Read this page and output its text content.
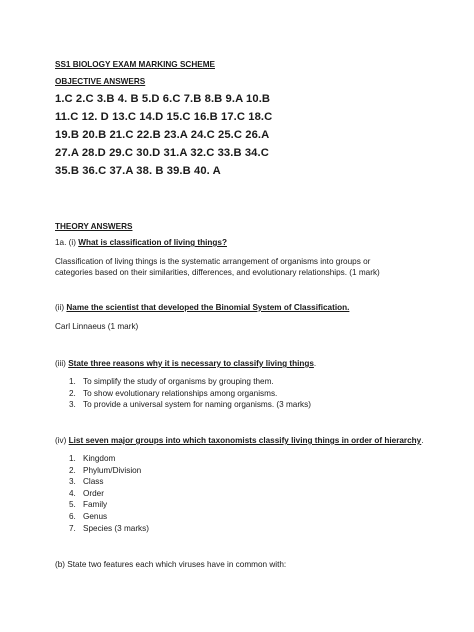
SS1 BIOLOGY EXAM MARKING SCHEME
OBJECTIVE ANSWERS
1.C 2.C 3.B 4. B 5.D 6.C 7.B 8.B 9.A 10.B
11.C 12. D 13.C 14.D 15.C 16.B 17.C 18.C
19.B 20.B 21.C 22.B 23.A 24.C 25.C 26.A
27.A 28.D 29.C 30.D 31.A 32.C 33.B 34.C
35.B 36.C 37.A 38. B 39.B 40. A
THEORY ANSWERS
1a. (i) What is classification of living things?
Classification of living things is the systematic arrangement of organisms into groups or categories based on their similarities, differences, and evolutionary relationships. (1 mark)
(ii) Name the scientist that developed the Binomial System of Classification.
Carl Linnaeus (1 mark)
(iii) State three reasons why it is necessary to classify living things.
1. To simplify the study of organisms by grouping them.
2. To show evolutionary relationships among organisms.
3. To provide a universal system for naming organisms. (3 marks)
(iv) List seven major groups into which taxonomists classify living things in order of hierarchy.
1. Kingdom
2. Phylum/Division
3. Class
4. Order
5. Family
6. Genus
7. Species (3 marks)
(b) State two features each which viruses have in common with:
